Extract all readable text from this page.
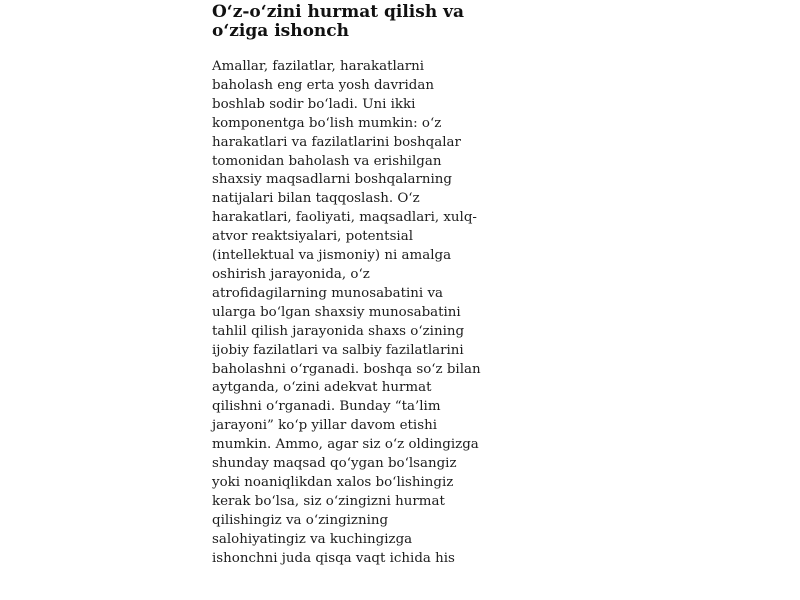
O‘z-o‘zini hurmat qilish va
o‘ziga ishonch
Amallar, fazilatlar, harakatlarni
baholash eng erta yosh davridan
boshlab sodir bo‘ladi. Uni ikki
komponentga bo‘lish mumkin: o‘z
harakatlari va fazilatlarini boshqalar
tomonidan baholash va erishilgan
shaxsiy maqsadlarni boshqalarning
natijalari bilan taqqoslash. O‘z
harakatlari, faoliyati, maqsadlari, xulq-
atvor reaktsiyalari, potentsial
(intellektual va jismoniy) ni amalga
oshirish jarayonida, o‘z
atrofidagilarning munosabatini va
ularga bo‘lgan shaxsiy munosabatini
tahlil qilish jarayonida shaxs o‘zining
ijobiy fazilatlari va salbiy fazilatlarini
baholashni o‘rganadi. boshqa so‘z bilan
aytganda, o‘zini adekvat hurmat
qilishni o‘rganadi. Bunday “ta’lim
jarayoni” ko‘p yillar davom etishi
mumkin. Ammo, agar siz o‘z oldingizga
shunday maqsad qo‘ygan bo‘lsangiz
yoki noaniqlikdan xalos bo‘lishingiz
kerak bo‘lsa, siz o‘zingizni hurmat
qilishingiz va o‘zingizning
salohiyatingiz va kuchingizga
ishonchni juda qisqa vaqt ichida his
